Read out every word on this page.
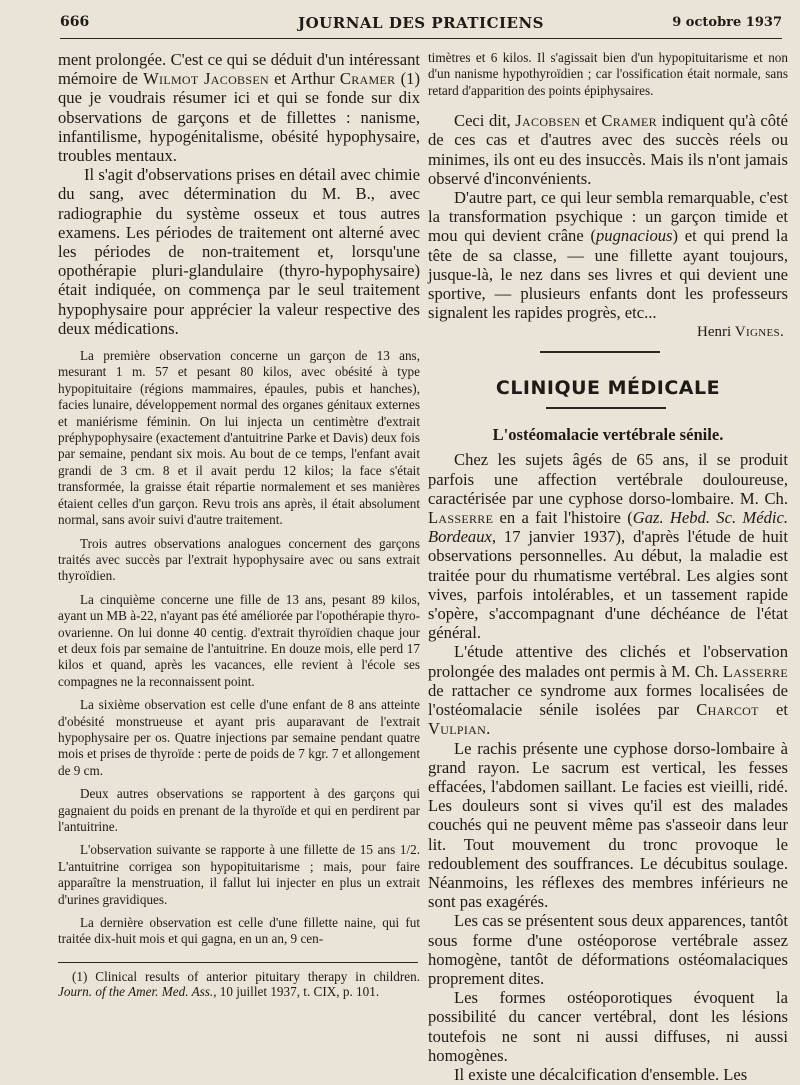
666	JOURNAL DES PRATICIENS	9 octobre 1937

ment prolongée. C'est ce qui se déduit d'un intéressant mémoire de Wilmot Jacobsen et Arthur Cramer (1) que je voudrais résumer ici et qui se fonde sur dix observations de garçons et de fillettes : nanisme, infantilisme, hypogénitalisme, obésité hypophysaire, troubles mentaux.

Il s'agit d'observations prises en détail avec chimie du sang, avec détermination du M. B., avec radiographie du système osseux et tous autres examens. Les périodes de traitement ont alterné avec les périodes de non-traitement et, lorsqu'une opothérapie pluri-glandulaire (thyro-hypophysaire) était indiquée, on commença par le seul traitement hypophysaire pour apprécier la valeur respective des deux médications.

La première observation concerne un garçon de 13 ans, mesurant 1 m. 57 et pesant 80 kilos, avec obésité à type hypopituitaire (régions mammaires, épaules, pubis et hanches), facies lunaire, développement normal des organes génitaux externes et maniérisme féminin. On lui injecta un centimètre d'extrait préphypophysaire (exactement d'antuitrine Parke et Davis) deux fois par semaine, pendant six mois. Au bout de ce temps, l'enfant avait grandi de 3 cm. 8 et il avait perdu 12 kilos; la face s'était transformée, la graisse était répartie normalement et ses manières étaient celles d'un garçon. Revu trois ans après, il était absolument normal, sans avoir suivi d'autre traitement.

Trois autres observations analogues concernent des garçons traités avec succès par l'extrait hypophysaire avec ou sans extrait thyroïdien.

La cinquième concerne une fille de 13 ans, pesant 89 kilos, ayant un MB à-22, n'ayant pas été améliorée par l'opothérapie thyro-ovarienne. On lui donne 40 centig. d'extrait thyroïdien chaque jour et deux fois par semaine de l'antuitrine. En douze mois, elle perd 17 kilos et quand, après les vacances, elle revient à l'école ses compagnes ne la reconnaissent point.

La sixième observation est celle d'une enfant de 8 ans atteinte d'obésité monstrueuse et ayant pris auparavant de l'extrait hypophysaire per os. Quatre injections par semaine pendant quatre mois et prises de thyroïde : perte de poids de 7 kgr. 7 et allongement de 9 cm.

Deux autres observations se rapportent à des garçons qui gagnaient du poids en prenant de la thyroïde et qui en perdirent par l'antuitrine.

L'observation suivante se rapporte à une fillette de 15 ans 1/2. L'antuitrine corrigea son hypopituitarisme ; mais, pour faire apparaître la menstruation, il fallut lui injecter en plus un extrait d'urines gravidiques.

La dernière observation est celle d'une fillette naine, qui fut traitée dix-huit mois et qui gagna, en un an, 9 cen-

(1) Clinical results of anterior pituitary therapy in children. Journ. of the Amer. Med. Ass., 10 juillet 1937, t. CIX, p. 101.

timètres et 6 kilos. Il s'agissait bien d'un hypopituitarisme et non d'un nanisme hypothyroïdien ; car l'ossification était normale, sans retard d'apparition des points épiphysaires.

Ceci dit, Jacobsen et Cramer indiquent qu'à côté de ces cas et d'autres avec des succès réels ou minimes, ils ont eu des insuccès. Mais ils n'ont jamais observé d'inconvénients.

D'autre part, ce qui leur sembla remarquable, c'est la transformation psychique : un garçon timide et mou qui devient crâne (pugnacious) et qui prend la tête de sa classe, — une fillette ayant toujours, jusque-là, le nez dans ses livres et qui devient une sportive, — plusieurs enfants dont les professeurs signalent les rapides progrès, etc...

Henri Vignes.

CLINIQUE MÉDICALE
L'ostéomalacie vertébrale sénile.

Chez les sujets âgés de 65 ans, il se produit parfois une affection vertébrale douloureuse, caractérisée par une cyphose dorso-lombaire. M. Ch. Lasserre en a fait l'histoire (Gaz. Hebd. Sc. Médic. Bordeaux, 17 janvier 1937), d'après l'étude de huit observations personnelles. Au début, la maladie est traitée pour du rhumatisme vertébral. Les algies sont vives, parfois intolérables, et un tassement rapide s'opère, s'accompagnant d'une déchéance de l'état général.

L'étude attentive des clichés et l'observation prolongée des malades ont permis à M. Ch. Lasserre de rattacher ce syndrome aux formes localisées de l'ostéomalacie sénile isolées par Charcot et Vulpian.

Le rachis présente une cyphose dorso-lombaire à grand rayon. Le sacrum est vertical, les fesses effacées, l'abdomen saillant. Le facies est vieilli, ridé. Les douleurs sont si vives qu'il est des malades couchés qui ne peuvent même pas s'asseoir dans leur lit. Tout mouvement du tronc provoque le redoublement des souffrances. Le décubitus soulage. Néanmoins, les réflexes des membres inférieurs ne sont pas exagérés.

Les cas se présentent sous deux apparences, tantôt sous forme d'une ostéoporose vertébrale assez homogène, tantôt de déformations ostéomalaciques proprement dites.

Les formes ostéoporotiques évoquent la possibilité du cancer vertébral, dont les lésions toutefois ne sont ni aussi diffuses, ni aussi homogènes.

Il existe une décalcification d'ensemble. Les
